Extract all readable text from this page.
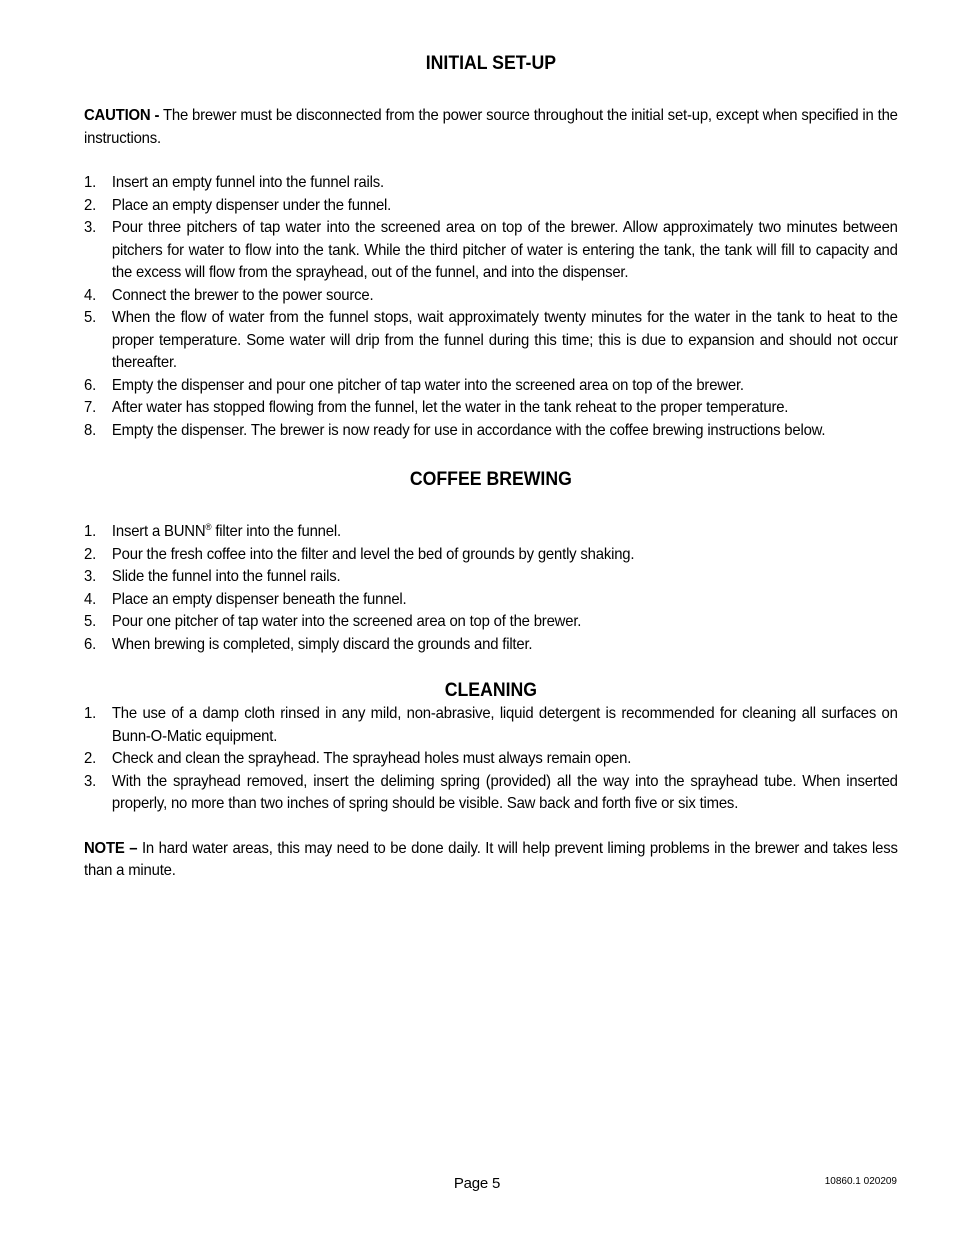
INITIAL SET-UP

CAUTION - The brewer must be disconnected from the power source throughout the initial set-up, except when specified in the instructions.

1. Insert an empty funnel into the funnel rails.
2. Place an empty dispenser under the funnel.
3. Pour three pitchers of tap water into the screened area on top of the brewer. Allow approximately two minutes between pitchers for water to flow into the tank. While the third pitcher of water is entering the tank, the tank will fill to capacity and the excess will flow from the sprayhead, out of the funnel, and into the dispenser.
4. Connect the brewer to the power source.
5. When the flow of water from the funnel stops, wait approximately twenty minutes for the water in the tank to heat to the proper temperature. Some water will drip from the funnel during this time; this is due to expansion and should not occur thereafter.
6. Empty the dispenser and pour one pitcher of tap water into the screened area on top of the brewer.
7. After water has stopped flowing from the funnel, let the water in the tank reheat to the proper temperature.
8. Empty the dispenser. The brewer is now ready for use in accordance with the coffee brewing instructions below.
COFFEE BREWING
1. Insert a BUNN® filter into the funnel.
2. Pour the fresh coffee into the filter and level the bed of grounds by gently shaking.
3. Slide the funnel into the funnel rails.
4. Place an empty dispenser beneath the funnel.
5. Pour one pitcher of tap water into the screened area on top of the brewer.
6. When brewing is completed, simply discard the grounds and filter.
CLEANING
1. The use of a damp cloth rinsed in any mild, non-abrasive, liquid detergent is recommended for cleaning all surfaces on Bunn-O-Matic equipment.
2. Check and clean the sprayhead. The sprayhead holes must always remain open.
3. With the sprayhead removed, insert the deliming spring (provided) all the way into the sprayhead tube. When inserted properly, no more than two inches of spring should be visible. Saw back and forth five or six times.

NOTE – In hard water areas, this may need to be done daily. It will help prevent liming problems in the brewer and takes less than a minute.

Page 5	10860.1 020209
